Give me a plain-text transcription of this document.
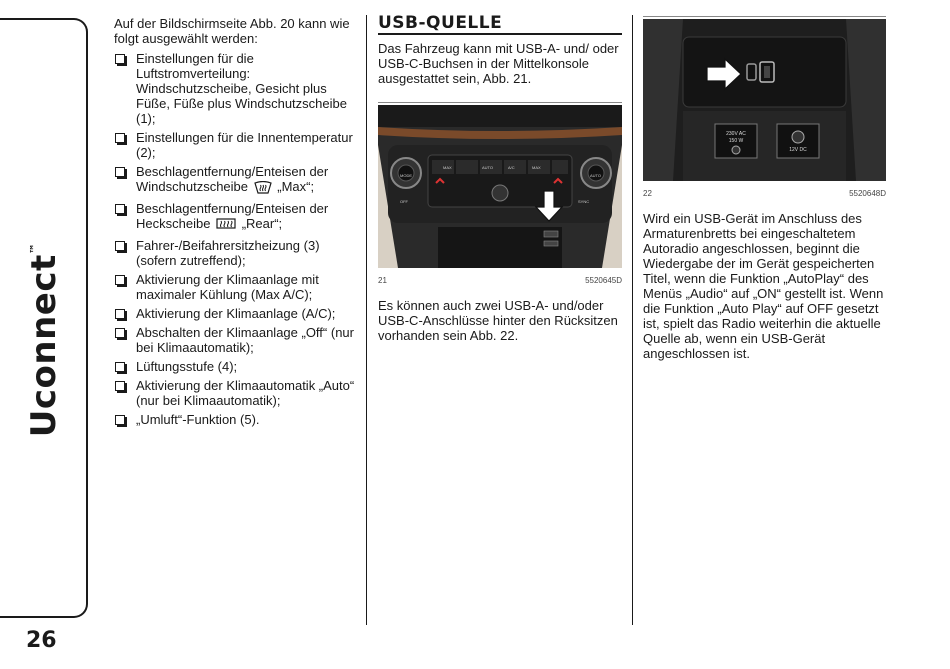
Uconnect™
26

Auf der Bildschirmseite Abb. 20 kann wie folgt ausgewählt werden:

Einstellungen für die Luftstromverteilung: Windschutzscheibe, Gesicht plus Füße, Füße plus Windschutzscheibe (1);
Einstellungen für die Innentemperatur (2);
Beschlagentfernung/Enteisen der Windschutzscheibe „Max“;
Beschlagentfernung/Enteisen der Heckscheibe „Rear“;
Fahrer-/Beifahrersitzheizung (3) (sofern zutreffend);
Aktivierung der Klimaanlage mit maximaler Kühlung (Max A/C);
Aktivierung der Klimaanlage (A/C);
Abschalten der Klimaanlage „Off“ (nur bei Klimaautomatik);
Lüftungsstufe (4);
Aktivierung der Klimaautomatik „Auto“ (nur bei Klimaautomatik);
„Umluft“-Funktion (5).
USB-QUELLE

Das Fahrzeug kann mit USB-A- und/ oder USB-C-Buchsen in der Mittelkonsole ausgestattet sein, Abb. 21.

MAX	AUTO	A/C	MAX
OFF
MODE	AUTO
SYNC
21	5520645D

Es können auch zwei USB-A- und/oder USB-C-Anschlüsse hinter den Rücksitzen vorhanden sein Abb. 22.

230V AC
150 W
12V DC
22	5520648D

Wird ein USB-Gerät im Anschluss des Armaturenbretts bei eingeschaltetem Autoradio angeschlossen, beginnt die Wiedergabe der im Gerät gespeicherten Titel, wenn die Funktion „AutoPlay“ des Menüs „Audio“ auf „ON“ gestellt ist. Wenn die Funktion „Auto Play“ auf OFF gesetzt ist, spielt das Radio weiterhin die aktuelle Quelle ab, wenn ein USB-Gerät angeschlossen ist.
